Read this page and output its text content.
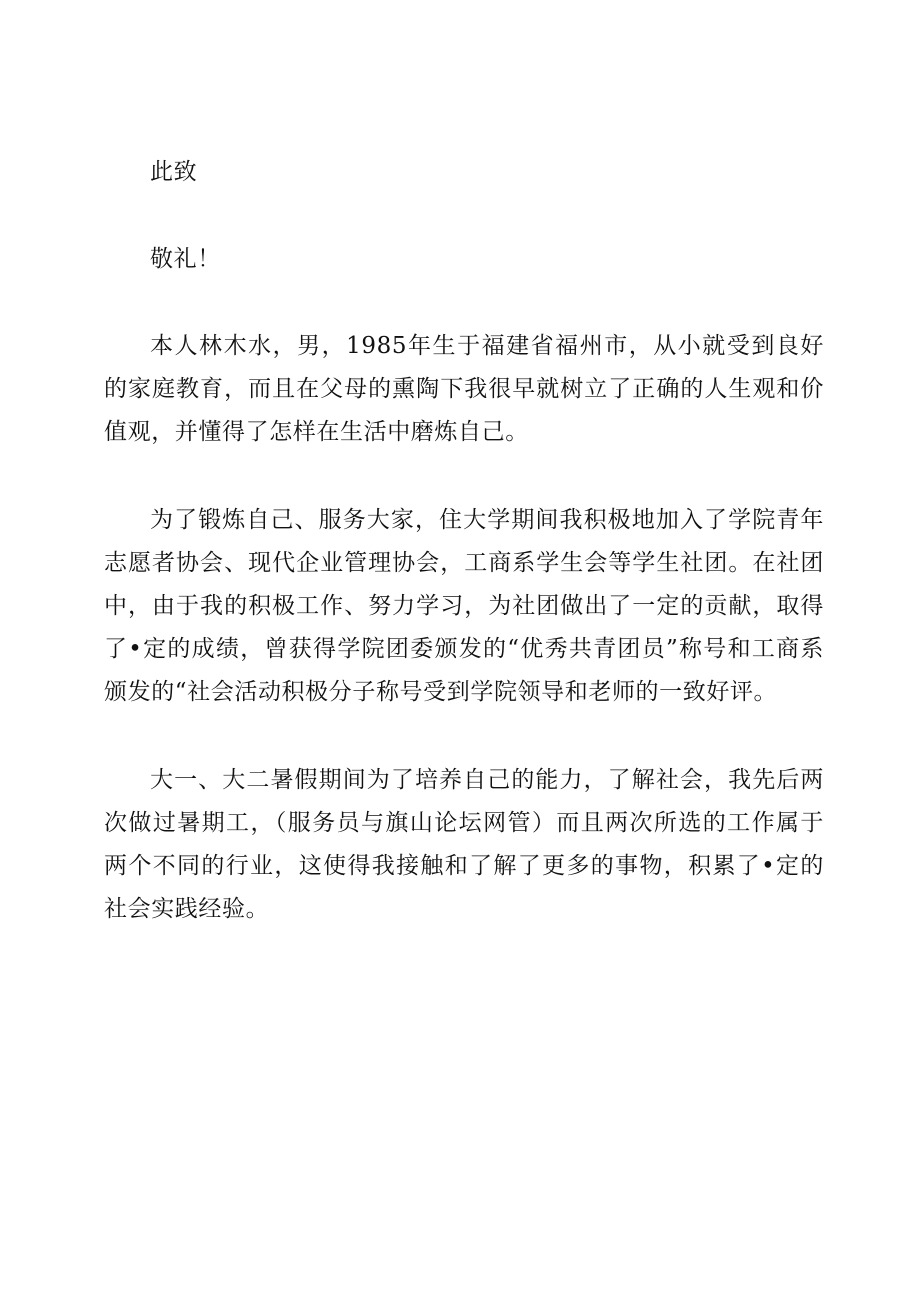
此致

敬礼！

本人林木水，男，1985年生于福建省福州市，从小就受到良好的家庭教育，而且在父母的熏陶下我很早就树立了正确的人生观和价值观，并懂得了怎样在生活中磨炼自己。

为了锻炼自己、服务大家，住大学期间我积极地加入了学院青年志愿者协会、现代企业管理协会，工商系学生会等学生社团。在社团中，由于我的积极工作、努力学习，为社团做出了一定的贡献，取得了•定的成绩，曾获得学院团委颁发的“优秀共青团员”称号和工商系颁发的“社会活动积极分子称号受到学院领导和老师的一致好评。

大一、大二暑假期间为了培养自己的能力，了解社会，我先后两次做过暑期工，（服务员与旗山论坛网管）而且两次所选的工作属于两个不同的行业，这使得我接触和了解了更多的事物，积累了•定的社会实践经验。
